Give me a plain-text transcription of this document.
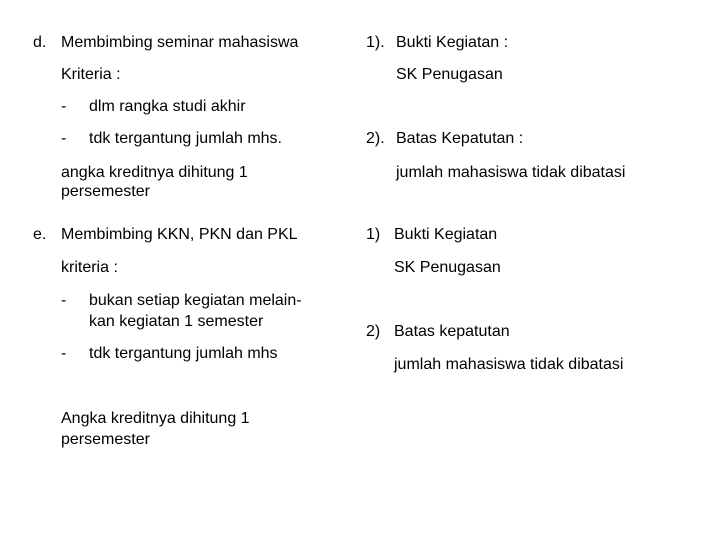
d. Membimbing seminar mahasiswa
Kriteria :
- dlm rangka studi akhir
- tdk tergantung jumlah mhs.
angka kreditnya dihitung 1
persemester
e. Membimbing KKN, PKN dan PKL
kriteria :
- bukan setiap kegiatan melain-
kan kegiatan 1 semester
- tdk tergantung jumlah mhs
Angka kreditnya dihitung 1
persemester
1). Bukti Kegiatan :
SK Penugasan
2). Batas Kepatutan :
jumlah mahasiswa tidak dibatasi
1) Bukti Kegiatan
SK Penugasan
2) Batas kepatutan
jumlah mahasiswa tidak dibatasi
